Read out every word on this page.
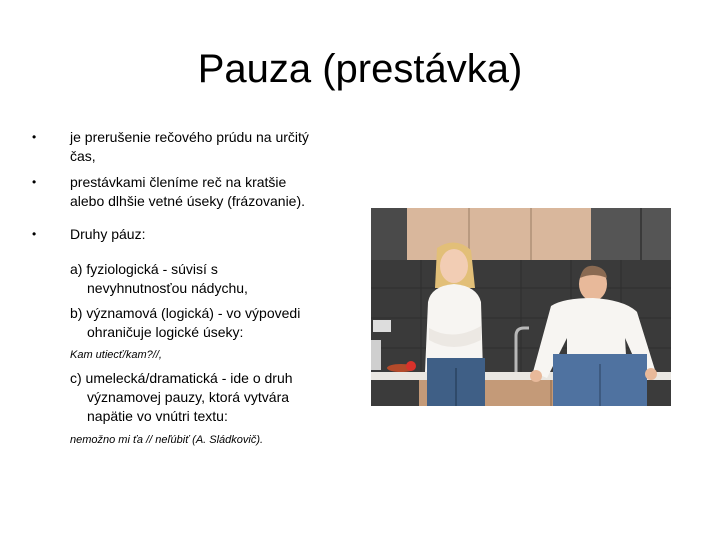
Pauza (prestávka)
• je prerušenie rečového prúdu na určitý
čas,
• prestávkami členíme reč na kratšie
alebo dlhšie vetné úseky (frázovanie).
• Druhy páuz:
a) fyziologická - súvisí s
nevyhnutnosťou nádychu,
b) významová (logická) - vo výpovedi
ohraničuje logické úseky:
Kam utiecť/kam?//,
c) umelecká/dramatická - ide o druh
významovej pauzy, ktorá vytvára
napätie vo vnútri textu:
nemožno mi ťa // neľúbiť (A. Sládkovič).
